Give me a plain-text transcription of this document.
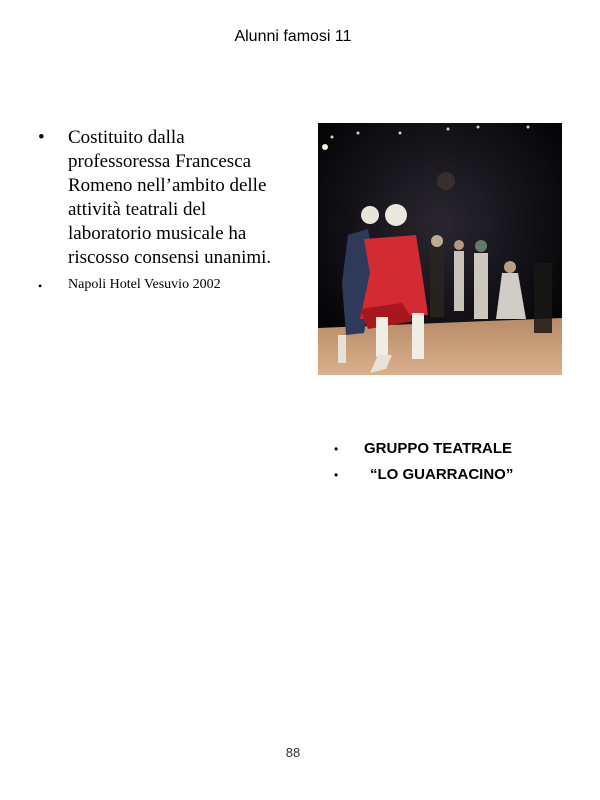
Alunni famosi 11
• Costituito dalla professoressa Francesca Romeno nell’ambito delle attività teatrali del laboratorio musicale ha riscosso consensi unanimi.
• Napoli Hotel Vesuvio 2002
• GRUPPO TEATRALE
• “LO GUARRACINO”
88
